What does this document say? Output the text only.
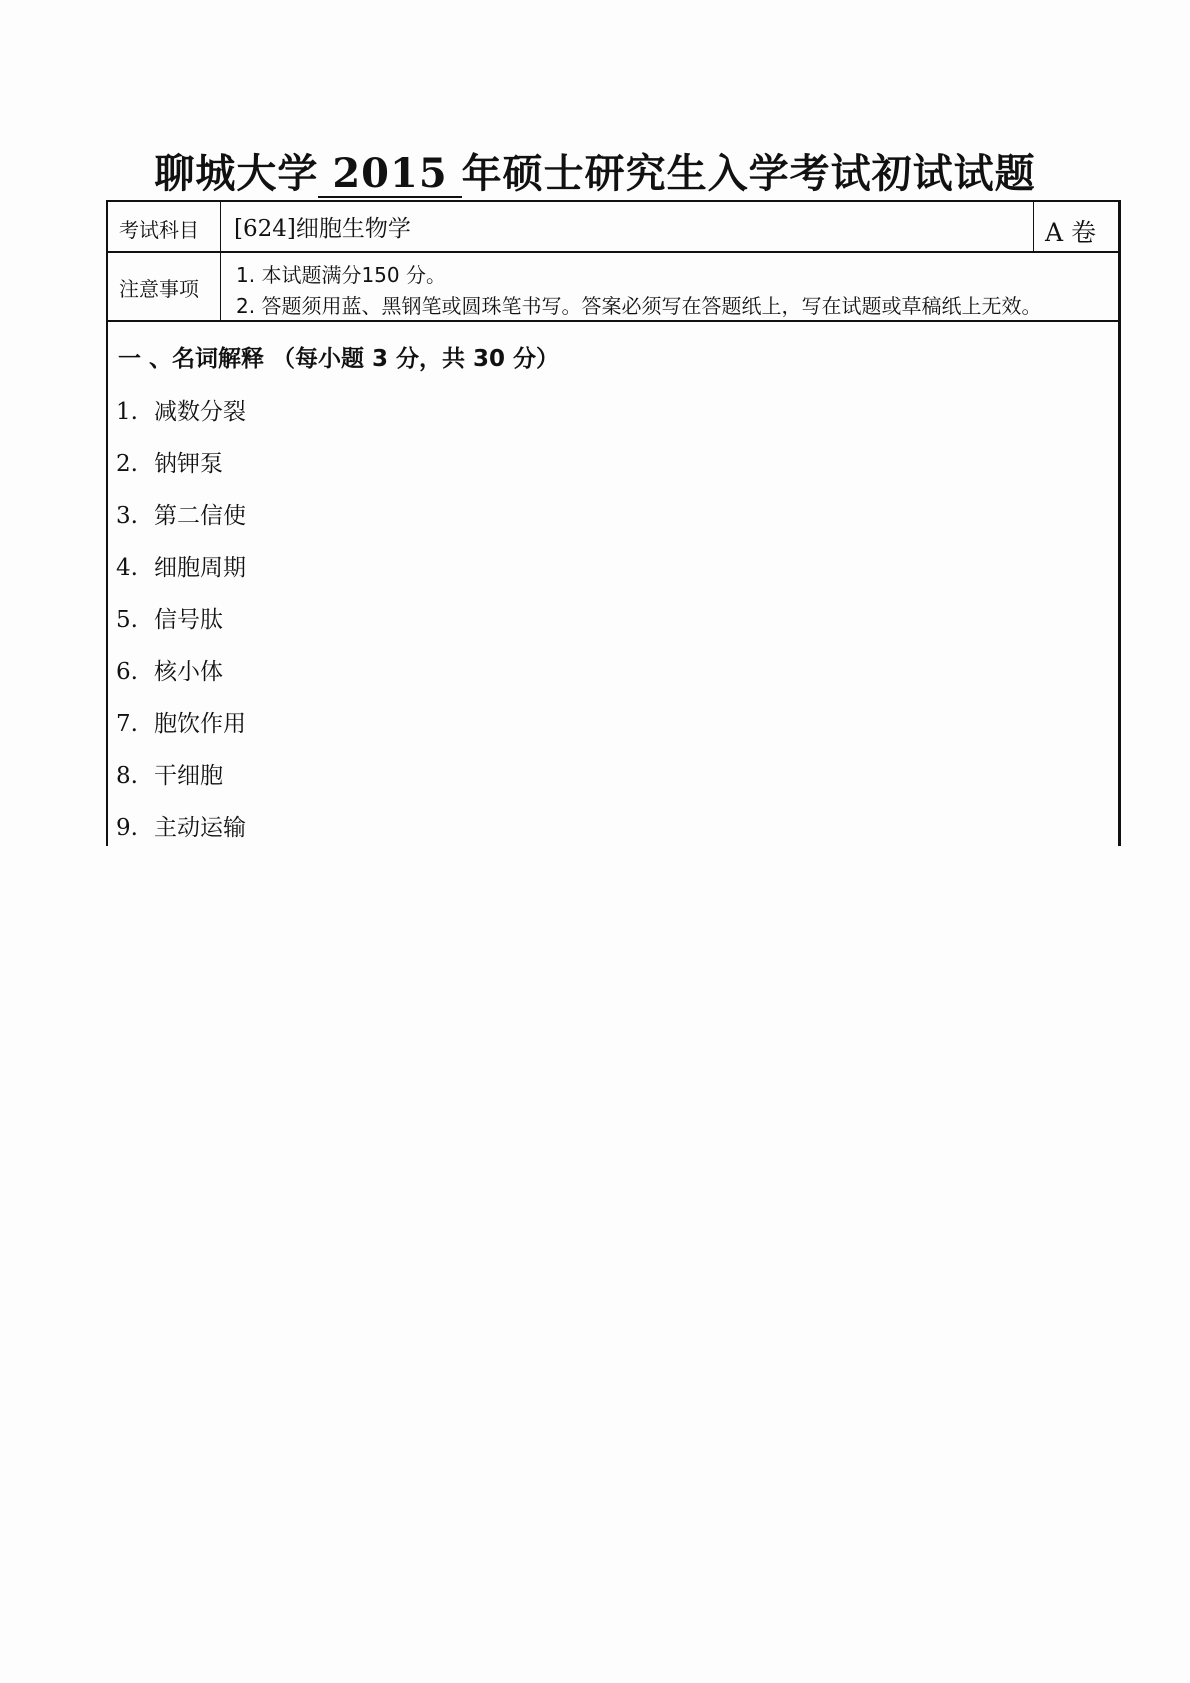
聊城大学 2015 年硕士研究生入学考试初试试题
考试科目 [624]细胞生物学	A 卷
注意事项
1. 本试题满分150 分。
2. 答题须用蓝、黑钢笔或圆珠笔书写。答案必须写在答题纸上，写在试题或草稿纸上无效。
一 、名词解释 （每小题 3 分，共 30 分）
1. 减数分裂
2. 钠钾泵
3. 第二信使
4. 细胞周期
5. 信号肽
6. 核小体
7. 胞饮作用
8. 干细胞
9. 主动运输
